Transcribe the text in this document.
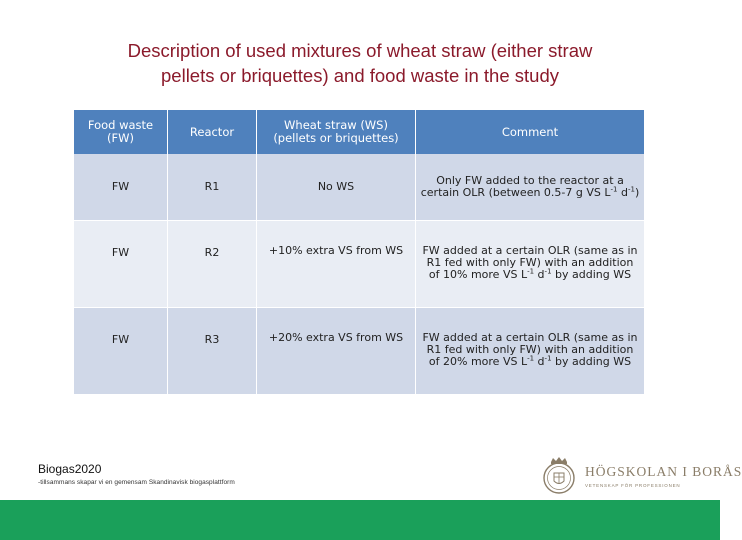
Description of used mixtures of wheat straw (either straw
pellets or briquettes) and food waste in the study
Food waste (FW)	Reactor	Wheat straw (WS) (pellets or briquettes)	Comment
FW	R1	No WS	Only FW added to the reactor at a certain OLR (between 0.5-7 g VS $L^{-1}$ $d^{-1}$)
FW	R2	+10% extra VS from WS	FW added at a certain OLR (same as in R1 fed with only FW) with an addition of 10% more VS $L^{-1}$ $d^{-1}$ by adding WS
FW	R3	+20% extra VS from WS	FW added at a certain OLR (same as in R1 fed with only FW) with an addition of 20% more VS $L^{-1}$ $d^{-1}$ by adding WS
Biogas2020
-tillsammans skapar vi en gemensam Skandinavisk biogasplattform
HÖGSKOLAN I BORÅS
VETENSKAP FÖR PROFESSIONEN
